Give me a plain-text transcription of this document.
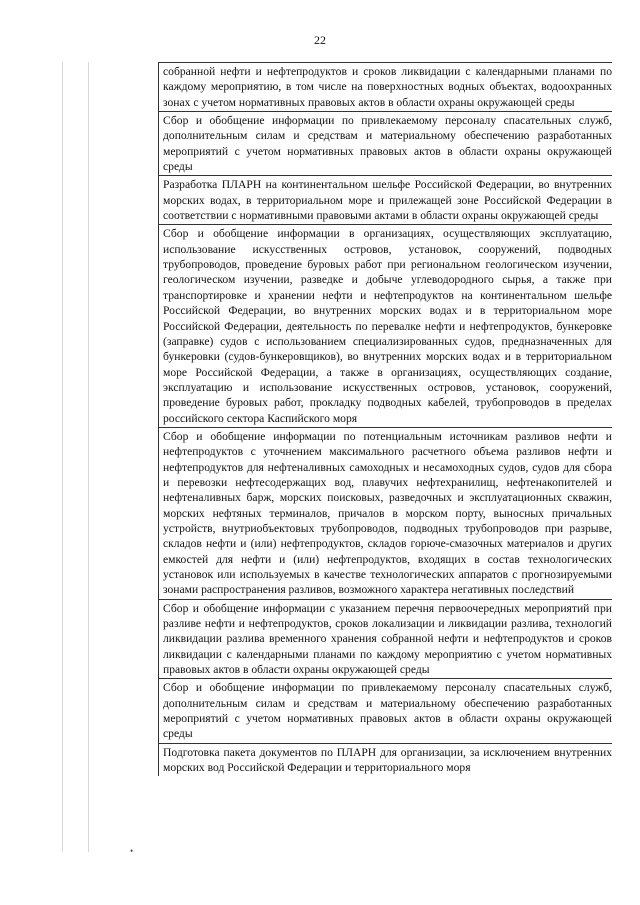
22
собранной нефти и нефтепродуктов и сроков ликвидации с календарными планами по каждому мероприятию, в том числе на поверхностных водных объектах, водоохранных зонах с учетом нормативных правовых актов в области охраны окружающей среды
Сбор и обобщение информации по привлекаемому персоналу спасательных служб, дополнительным силам и средствам и материальному обеспечению разработанных мероприятий с учетом нормативных правовых актов в области охраны окружающей среды
Разработка ПЛАРН на континентальном шельфе Российской Федерации, во внутренних морских водах, в территориальном море и прилежащей зоне Российской Федерации в соответствии с нормативными правовыми актами в области охраны окружающей среды
Сбор и обобщение информации в организациях, осуществляющих эксплуатацию, использование искусственных островов, установок, сооружений, подводных трубопроводов, проведение буровых работ при региональном геологическом изучении, геологическом изучении, разведке и добыче углеводородного сырья, а также при транспортировке и хранении нефти и нефтепродуктов на континентальном шельфе Российской Федерации, во внутренних морских водах и в территориальном море Российской Федерации, деятельность по перевалке нефти и нефтепродуктов, бункеровке (заправке) судов с использованием специализированных судов, предназначенных для бункеровки (судов-бункеровщиков), во внутренних морских водах и в территориальном море Российской Федерации, а также в организациях, осуществляющих создание, эксплуатацию и использование искусственных островов, установок, сооружений, проведение буровых работ, прокладку подводных кабелей, трубопроводов в пределах российского сектора Каспийского моря
Сбор и обобщение информации по потенциальным источникам разливов нефти и нефтепродуктов с уточнением максимального расчетного объема разливов нефти и нефтепродуктов для нефтеналивных самоходных и несамоходных судов, судов для сбора и перевозки нефтесодержащих вод, плавучих нефтехранилищ, нефтенакопителей и нефтеналивных барж, морских поисковых, разведочных и эксплуатационных скважин, морских нефтяных терминалов, причалов в морском порту, выносных причальных устройств, внутриобъектовых трубопроводов, подводных трубопроводов при разрыве, складов нефти и (или) нефтепродуктов, складов горюче-смазочных материалов и других емкостей для нефти и (или) нефтепродуктов, входящих в состав технологических установок или используемых в качестве технологических аппаратов с прогнозируемыми зонами распространения разливов, возможного характера негативных последствий
Сбор и обобщение информации с указанием перечня первоочередных мероприятий при разливе нефти и нефтепродуктов, сроков локализации и ликвидации разлива, технологий ликвидации разлива временного хранения собранной нефти и нефтепродуктов и сроков ликвидации с календарными планами по каждому мероприятию с учетом нормативных правовых актов в области охраны окружающей среды
Сбор и обобщение информации по привлекаемому персоналу спасательных служб, дополнительным силам и средствам и материальному обеспечению разработанных мероприятий с учетом нормативных правовых актов в области охраны окружающей среды
Подготовка пакета документов по ПЛАРН для организации, за исключением внутренних морских вод Российской Федерации и территориального моря
•
